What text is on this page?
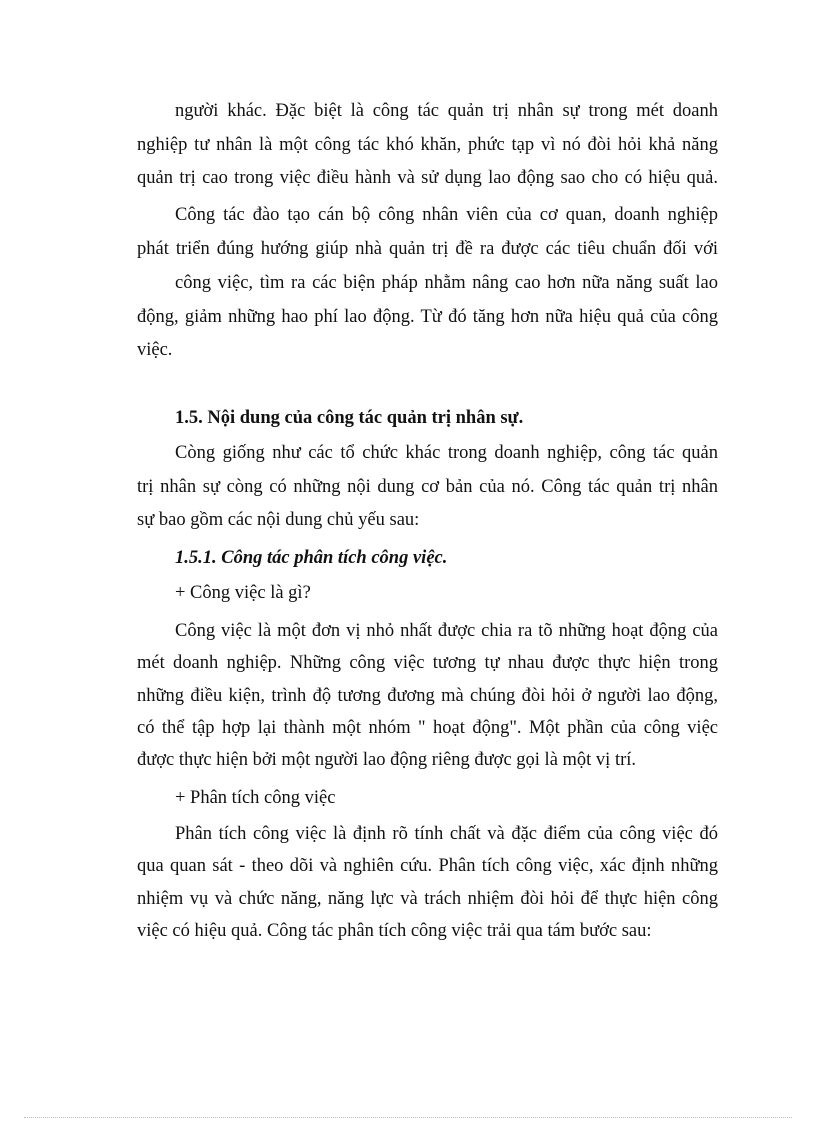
người khác. Đặc biệt là công tác quản trị nhân sự trong mét doanh
nghiệp tư nhân là một công tác khó khăn, phức tạp vì nó đòi hỏi khả năng
quản trị cao trong việc điều hành và sử dụng lao động sao cho có hiệu quả.
Công tác đào tạo cán bộ công nhân viên của cơ quan, doanh nghiệp
phát triển đúng hướng giúp nhà quản trị đề ra được các tiêu chuẩn đối với
công việc, tìm ra các biện pháp nhằm nâng cao hơn nữa năng suất lao
động, giảm những hao phí lao động. Từ đó tăng hơn nữa hiệu quả của công
việc.
1.5. Nội dung của công tác quản trị nhân sự.
Còng giống như các tổ chức khác trong doanh nghiệp, công tác quản
trị nhân sự còng có những nội dung cơ bản của nó. Công tác quản trị nhân
sự bao gồm các nội dung chủ yếu sau:
1.5.1. Công tác phân tích công việc.
+ Công việc là gì?
Công việc là một đơn vị nhỏ nhất được chia ra tõ những hoạt động của
mét doanh nghiệp. Những công việc tương tự nhau được thực hiện trong
những điều kiện, trình độ tương đương mà chúng đòi hỏi ở người lao động,
có thể tập hợp lại thành một nhóm " hoạt động". Một phần của công việc
được thực hiện bởi một người lao động riêng được gọi là một vị trí.
+ Phân tích công việc
Phân tích công việc là định rõ tính chất và đặc điểm của công việc đó
qua quan sát - theo dõi và nghiên cứu. Phân tích công việc, xác định những
nhiệm vụ và chức năng, năng lực và trách nhiệm đòi hỏi để thực hiện công
việc có hiệu quả. Công tác phân tích công việc trải qua tám bước sau:
